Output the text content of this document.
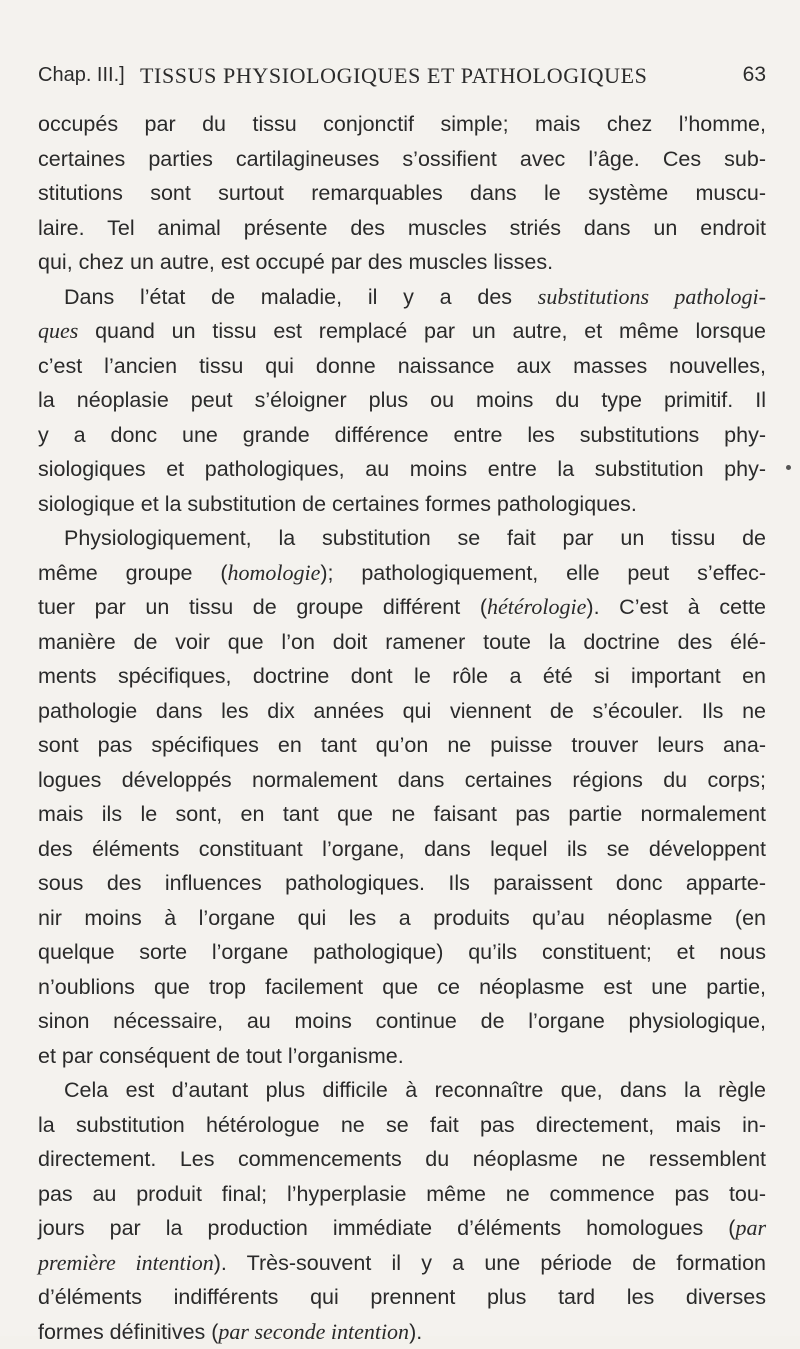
Chap. III.] TISSUS PHYSIOLOGIQUES ET PATHOLOGIQUES	63
occupés par du tissu conjonctif simple; mais chez l’homme,
certaines parties cartilagineuses s’ossifient avec l’âge. Ces sub-
stitutions sont surtout remarquables dans le système muscu-
laire. Tel animal présente des muscles striés dans un endroit
qui, chez un autre, est occupé par des muscles lisses.
Dans l’état de maladie, il y a des substitutions pathologi-
ques quand un tissu est remplacé par un autre, et même lorsque
c’est l’ancien tissu qui donne naissance aux masses nouvelles,
la néoplasie peut s’éloigner plus ou moins du type primitif. Il
y a donc une grande différence entre les substitutions phy-
siologiques et pathologiques, au moins entre la substitution phy-
siologique et la substitution de certaines formes pathologiques.
Physiologiquement, la substitution se fait par un tissu de
même groupe (homologie); pathologiquement, elle peut s’effec-
tuer par un tissu de groupe différent (hétérologie). C’est à cette
manière de voir que l’on doit ramener toute la doctrine des élé-
ments spécifiques, doctrine dont le rôle a été si important en
pathologie dans les dix années qui viennent de s’écouler. Ils ne
sont pas spécifiques en tant qu’on ne puisse trouver leurs ana-
logues développés normalement dans certaines régions du corps;
mais ils le sont, en tant que ne faisant pas partie normalement
des éléments constituant l’organe, dans lequel ils se développent
sous des influences pathologiques. Ils paraissent donc apparte-
nir moins à l’organe qui les a produits qu’au néoplasme (en
quelque sorte l’organe pathologique) qu’ils constituent; et nous
n’oublions que trop facilement que ce néoplasme est une partie,
sinon nécessaire, au moins continue de l’organe physiologique,
et par conséquent de tout l’organisme.
Cela est d’autant plus difficile à reconnaître que, dans la règle
la substitution hétérologue ne se fait pas directement, mais in-
directement. Les commencements du néoplasme ne ressemblent
pas au produit final; l’hyperplasie même ne commence pas tou-
jours par la production immédiate d’éléments homologues (par
première intention). Très-souvent il y a une période de formation
d’éléments indifférents qui prennent plus tard les diverses
formes définitives (par seconde intention).
